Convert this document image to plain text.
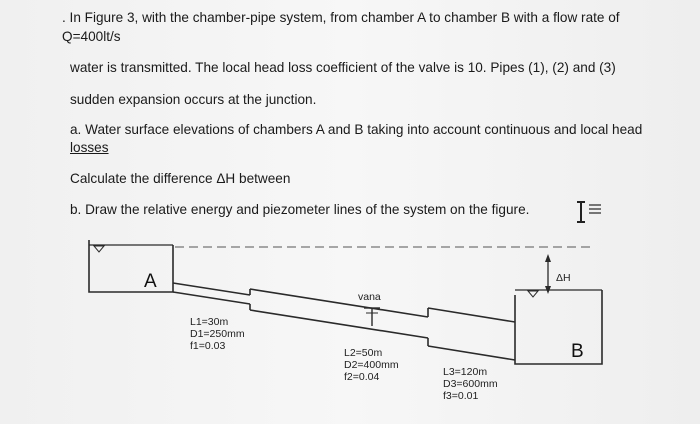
. In Figure 3, with the chamber-pipe system, from chamber A to chamber B with a flow rate of
Q=400lt/s
water is transmitted. The local head loss coefficient of the valve is 10. Pipes (1), (2) and (3)
sudden expansion occurs at the junction.
a. Water surface elevations of chambers A and B taking into account continuous and local head
losses
Calculate the difference ΔH between
b. Draw the relative energy and piezometer lines of the system on the figure.
A
B
ΔH
vana
L1=30m
D1=250mm
f1=0.03
L2=50m
D2=400mm
f2=0.04	L3=120m
D3=600mm
f3=0.01
